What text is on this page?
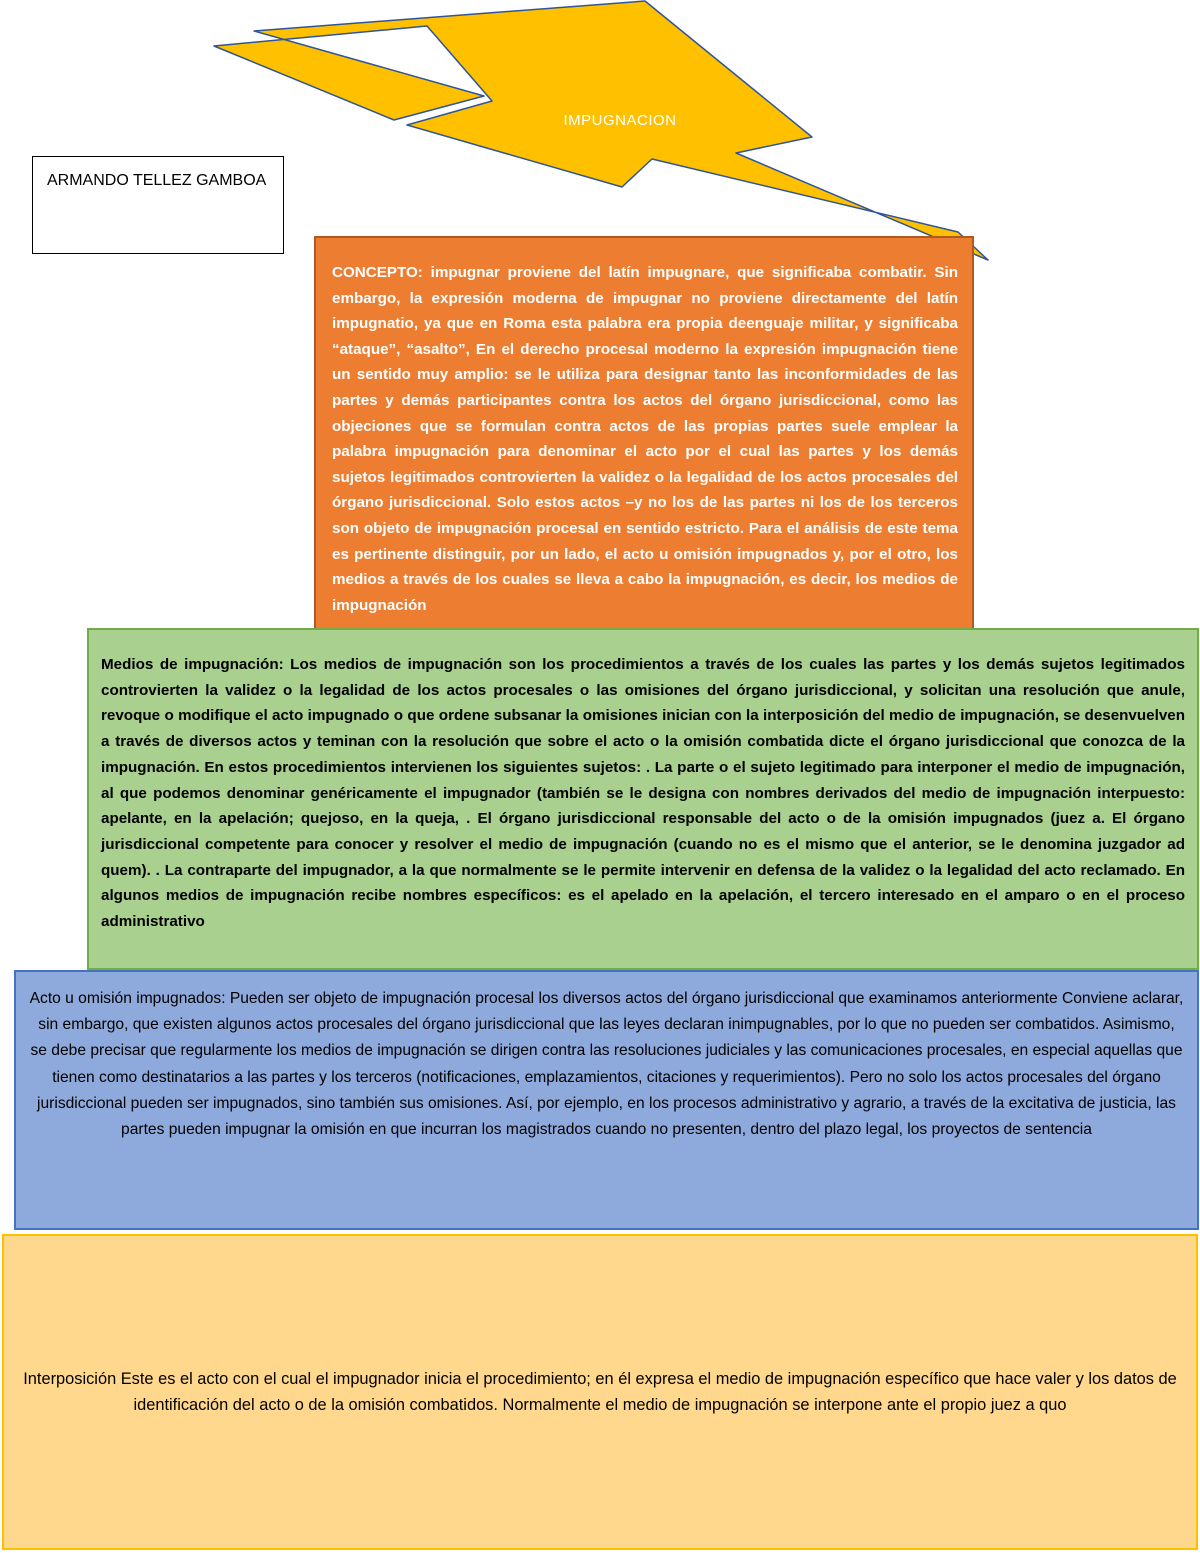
IMPUGNACION
ARMANDO TELLEZ GAMBOA
CONCEPTO: impugnar proviene del latín impugnare, que significaba combatir. Sin embargo, la expresión moderna de impugnar no proviene directamente del latín impugnatio, ya que en Roma esta palabra era propia deenguaje militar, y significaba “ataque”, “asalto”, En el derecho procesal moderno la expresión impugnación tiene un sentido muy amplio: se le utiliza para designar tanto las inconformidades de las partes y demás participantes contra los actos del órgano jurisdiccional, como las objeciones que se formulan contra actos de las propias partes suele emplear la palabra impugnación para denominar el acto por el cual las partes y los demás sujetos legitimados controvierten la validez o la legalidad de los actos procesales del órgano jurisdiccional. Solo estos actos –y no los de las partes ni los de los terceros son objeto de impugnación procesal en sentido estricto. Para el análisis de este tema es pertinente distinguir, por un lado, el acto u omisión impugnados y, por el otro, los medios a través de los cuales se lleva a cabo la impugnación, es decir, los medios de impugnación
Medios de impugnación: Los medios de impugnación son los procedimientos a través de los cuales las partes y los demás sujetos legitimados controvierten la validez o la legalidad de los actos procesales o las omisiones del órgano jurisdiccional, y solicitan una resolución que anule, revoque o modifique el acto impugnado o que ordene subsanar la omisiones inician con la interposición del medio de impugnación, se desenvuelven a través de diversos actos y teminan con la resolución que sobre el acto o la omisión combatida dicte el órgano jurisdiccional que conozca de la impugnación. En estos procedimientos intervienen los siguientes sujetos: . La parte o el sujeto legitimado para interponer el medio de impugnación, al que podemos denominar genéricamente el impugnador (también se le designa con nombres derivados del medio de impugnación interpuesto: apelante, en la apelación; quejoso, en la queja, . El órgano jurisdiccional responsable del acto o de la omisión impugnados (juez a. El órgano jurisdiccional competente para conocer y resolver el medio de impugnación (cuando no es el mismo que el anterior, se le denomina juzgador ad quem). . La contraparte del impugnador, a la que normalmente se le permite intervenir en defensa de la validez o la legalidad del acto reclamado. En algunos medios de impugnación recibe nombres específicos: es el apelado en la apelación, el tercero interesado en el amparo o en el proceso administrativo
Acto u omisión impugnados: Pueden ser objeto de impugnación procesal los diversos actos del órgano jurisdiccional que examinamos anteriormente Conviene aclarar, sin embargo, que existen algunos actos procesales del órgano jurisdiccional que las leyes declaran inimpugnables, por lo que no pueden ser combatidos. Asimismo, se debe precisar que regularmente los medios de impugnación se dirigen contra las resoluciones judiciales y las comunicaciones procesales, en especial aquellas que tienen como destinatarios a las partes y los terceros (notificaciones, emplazamientos, citaciones y requerimientos). Pero no solo los actos procesales del órgano jurisdiccional pueden ser impugnados, sino también sus omisiones. Así, por ejemplo, en los procesos administrativo y agrario, a través de la excitativa de justicia, las partes pueden impugnar la omisión en que incurran los magistrados cuando no presenten, dentro del plazo legal, los proyectos de sentencia

Interposición Este es el acto con el cual el impugnador inicia el procedimiento; en él expresa el medio de impugnación específico que hace valer y los datos de identificación del acto o de la omisión combatidos. Normalmente el medio de impugnación se interpone ante el propio juez a quo
